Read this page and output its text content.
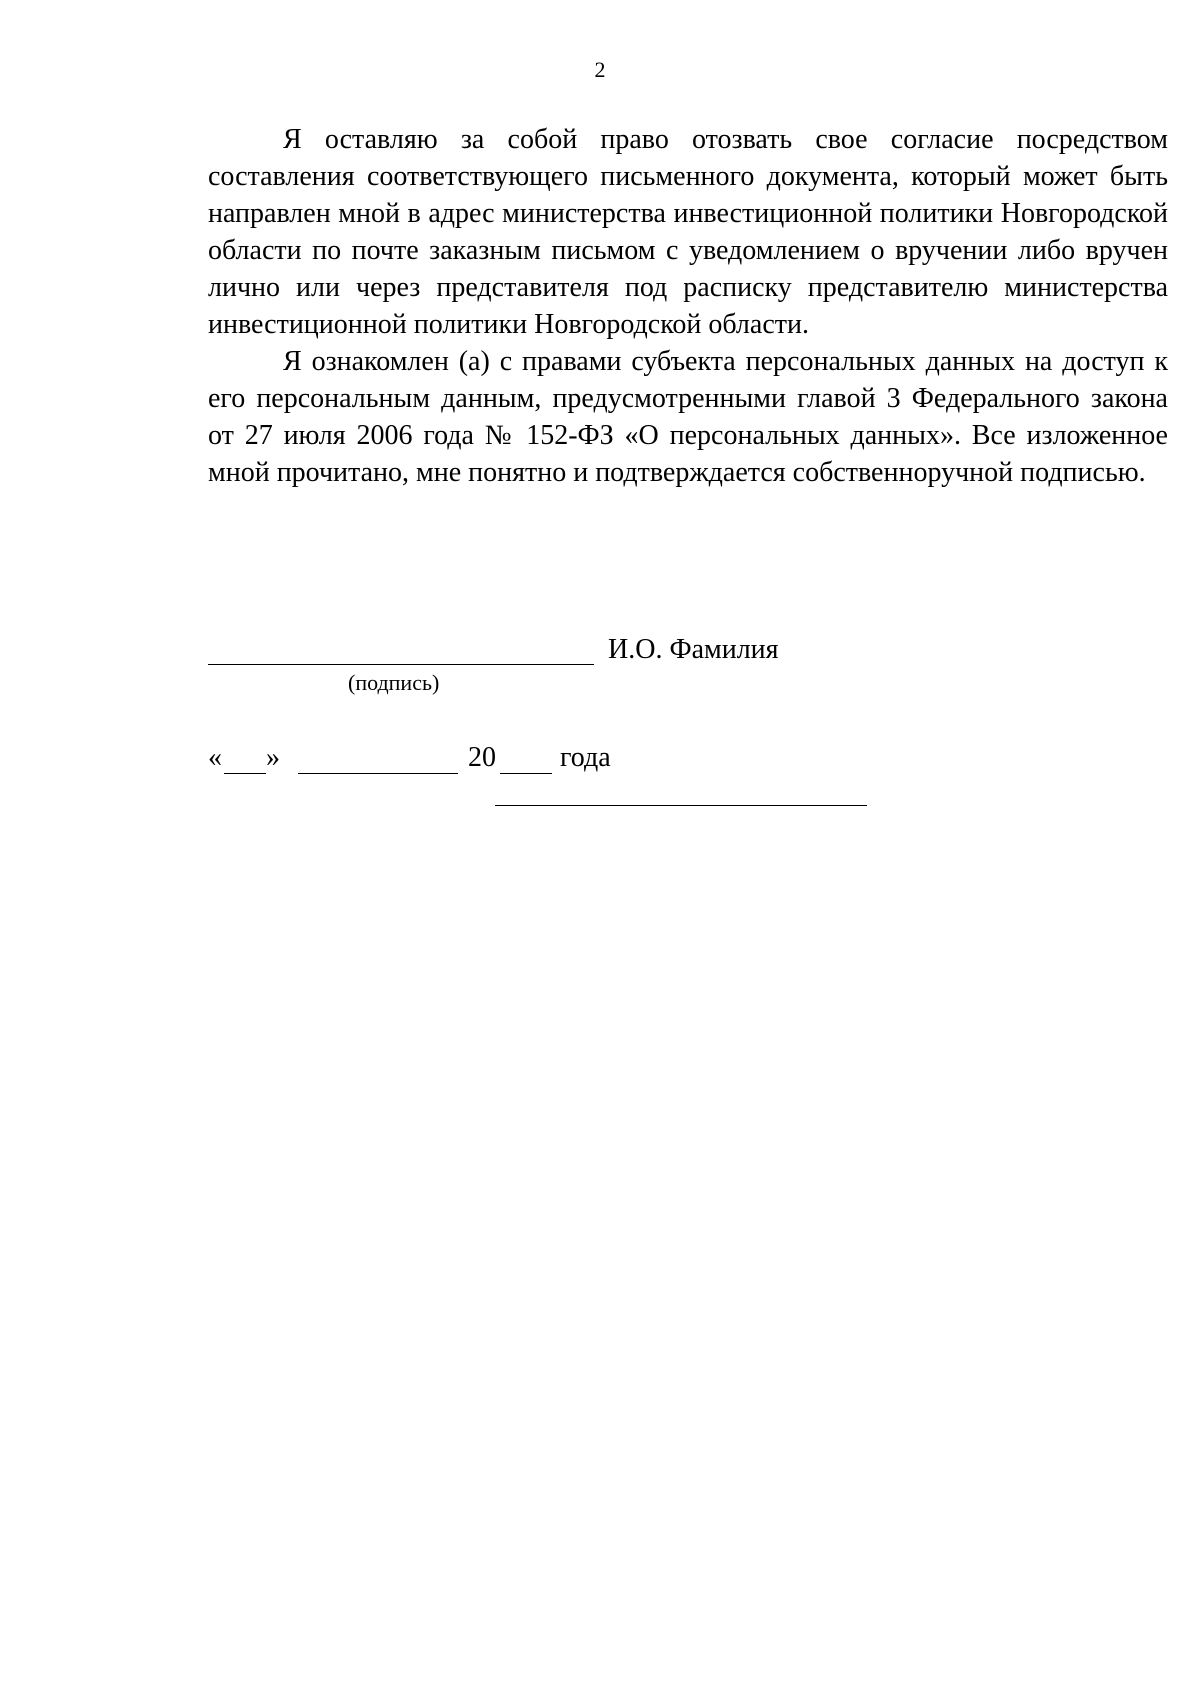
2

Я оставляю за собой право отозвать свое согласие посредством составления соответствующего письменного документа, который может быть направлен мной в адрес министерства инвестиционной политики Новгородской области по почте заказным письмом с уведомлением о вручении либо вручен лично или через представителя под расписку представителю министерства инвестиционной политики Новгородской области.

Я ознакомлен (а) с правами субъекта персональных данных на доступ к его персональным данным, предусмотренными главой 3 Федерального закона от 27 июля 2006 года № 152-ФЗ «О персональных данных». Все изложенное мной прочитано, мне понятно и подтверждается собственноручной подписью.

И.О. Фамилия
(подпись)
« »	20 года
